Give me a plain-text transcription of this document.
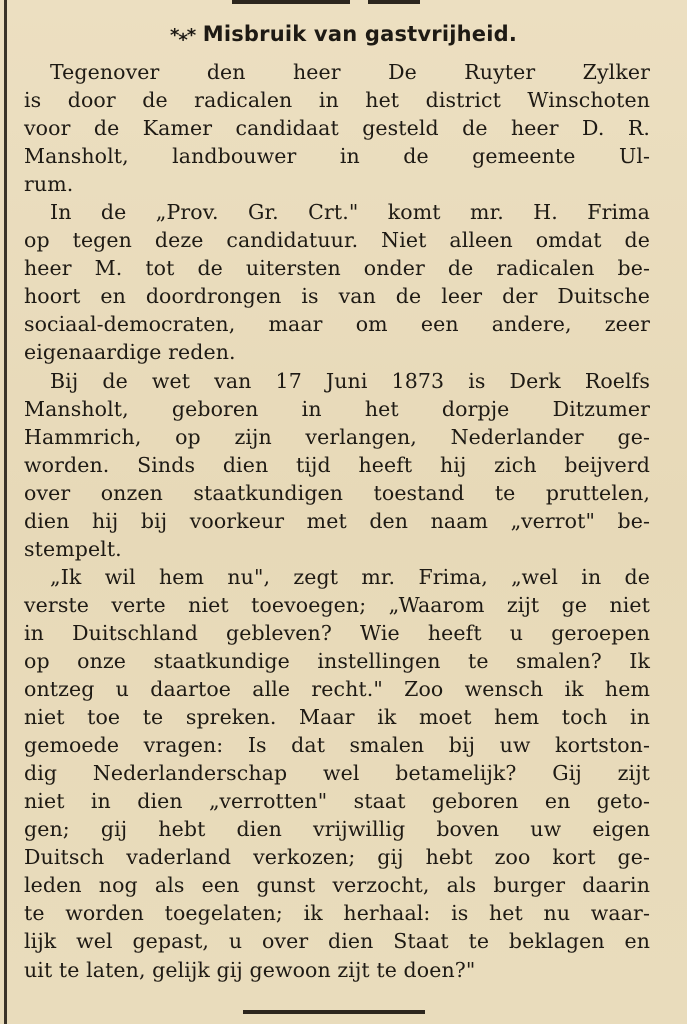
*⁎* Misbruik van gastvrijheid.
Tegenover den heer De Ruyter Zylker
is door de radicalen in het district Winschoten
voor de Kamer candidaat gesteld de heer D. R.
Mansholt, landbouwer in de gemeente Ul-
rum.
In de „Prov. Gr. Crt." komt mr. H. Frima
op tegen deze candidatuur. Niet alleen omdat de
heer M. tot de uitersten onder de radicalen be-
hoort en doordrongen is van de leer der Duitsche
sociaal-democraten, maar om een andere, zeer
eigenaardige reden.
Bij de wet van 17 Juni 1873 is Derk Roelfs
Mansholt, geboren in het dorpje Ditzumer
Hammrich, op zijn verlangen, Nederlander ge-
worden. Sinds dien tijd heeft hij zich beijverd
over onzen staatkundigen toestand te pruttelen,
dien hij bij voorkeur met den naam „verrot" be-
stempelt.
„Ik wil hem nu", zegt mr. Frima, „wel in de
verste verte niet toevoegen; „Waarom zijt ge niet
in Duitschland gebleven? Wie heeft u geroepen
op onze staatkundige instellingen te smalen? Ik
ontzeg u daartoe alle recht." Zoo wensch ik hem
niet toe te spreken. Maar ik moet hem toch in
gemoede vragen: Is dat smalen bij uw kortston-
dig Nederlanderschap wel betamelijk? Gij zijt
niet in dien „verrotten" staat geboren en geto-
gen; gij hebt dien vrijwillig boven uw eigen
Duitsch vaderland verkozen; gij hebt zoo kort ge-
leden nog als een gunst verzocht, als burger daarin
te worden toegelaten; ik herhaal: is het nu waar-
lijk wel gepast, u over dien Staat te beklagen en
uit te laten, gelijk gij gewoon zijt te doen?"
